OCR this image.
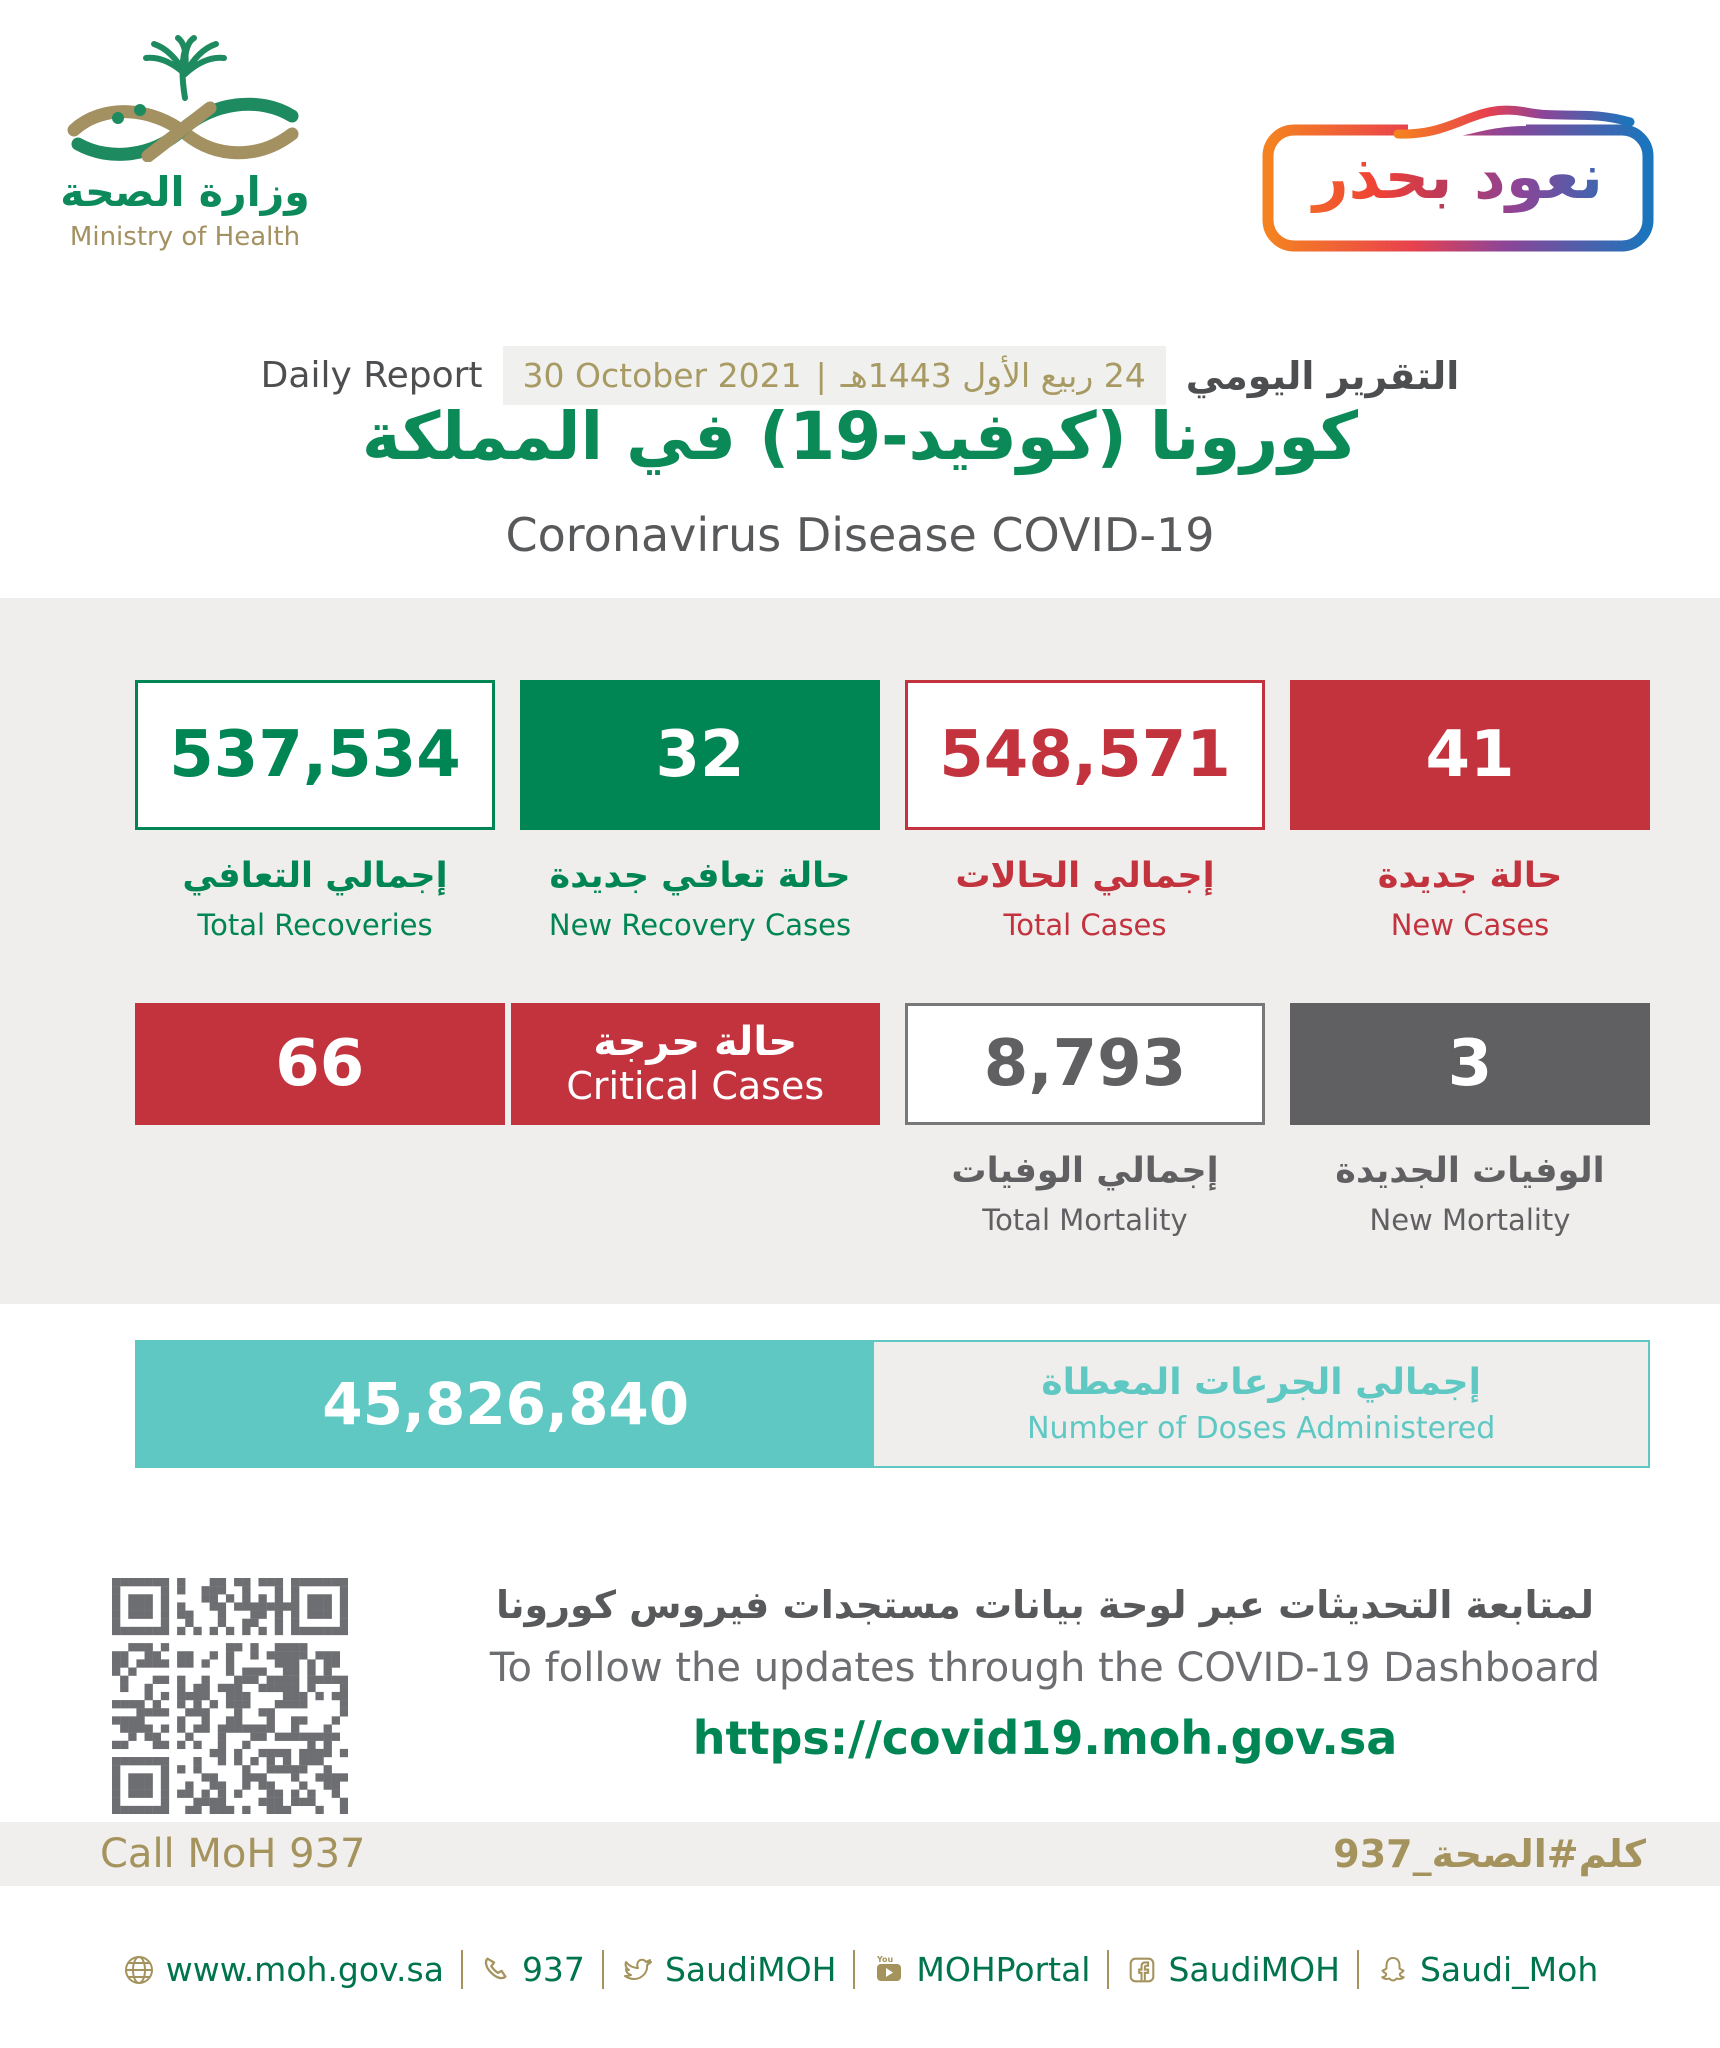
وزارة الصحة
Ministry of Health
نعود بحذر
Daily Report 30 October 2021 | 24 ربيع الأول 1443هـ التقرير اليومي
كورونا (كوفيد-19) في المملكة
Coronavirus Disease COVID-19
537,534
إجمالي التعافي
Total Recoveries
32
حالة تعافي جديدة
New Recovery Cases
548,571
إجمالي الحالات
Total Cases
41
حالة جديدة
New Cases
66	حالة حرجة
Critical Cases 8,793
إجمالي الوفيات
Total Mortality
3
الوفيات الجديدة
New Mortality
45,826,840	إجمالي الجرعات المعطاة
Number of Doses Administered
لمتابعة التحديثات عبر لوحة بيانات مستجدات فيروس كورونا
To follow the updates through the COVID-19 Dashboard
https://covid19.moh.gov.sa
Call MoH 937	كلم#الصحة_937
www.moh.gov.sa 937 SaudiMOH	You MOHPortal SaudiMOH Saudi_Moh
